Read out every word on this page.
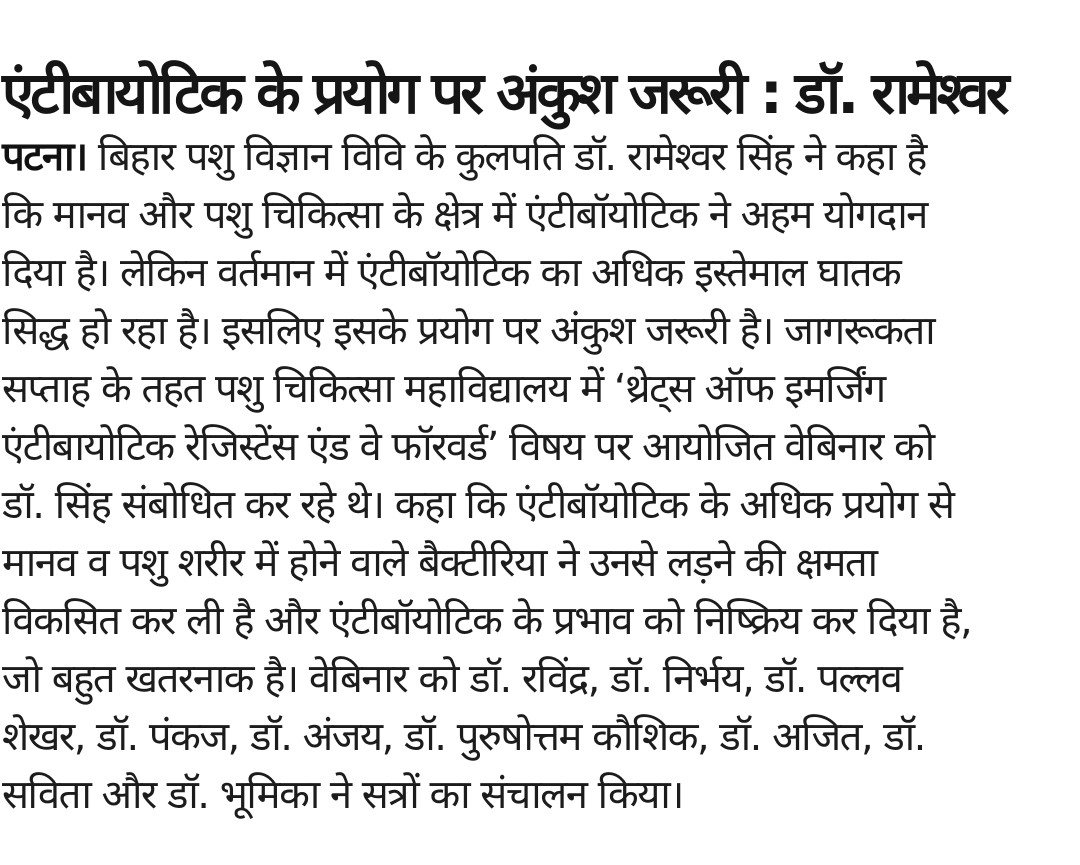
एंटीबायोटिक के प्रयोग पर अंकुश जरूरी : डॉ. रामेश्वर
पटना। बिहार पशु विज्ञान विवि के कुलपति डॉ. रामेश्वर सिंह ने कहा है
कि मानव और पशु चिकित्सा के क्षेत्र में एंटीबॉयोटिक ने अहम योगदान
दिया है। लेकिन वर्तमान में एंटीबॉयोटिक का अधिक इस्तेमाल घातक
सिद्ध हो रहा है। इसलिए इसके प्रयोग पर अंकुश जरूरी है। जागरूकता
सप्ताह के तहत पशु चिकित्सा महाविद्यालय में ‘थ्रेट्स ऑफ इमर्जिंग
एंटीबायोटिक रेजिस्टेंस एंड वे फॉरवर्ड’ विषय पर आयोजित वेबिनार को
डॉ. सिंह संबोधित कर रहे थे। कहा कि एंटीबॉयोटिक के अधिक प्रयोग से
मानव व पशु शरीर में होने वाले बैक्टीरिया ने उनसे लड़ने की क्षमता
विकसित कर ली है और एंटीबॉयोटिक के प्रभाव को निष्क्रिय कर दिया है,
जो बहुत खतरनाक है। वेबिनार को डॉ. रविंद्र, डॉ. निर्भय, डॉ. पल्लव
शेखर, डॉ. पंकज, डॉ. अंजय, डॉ. पुरुषोत्तम कौशिक, डॉ. अजित, डॉ.
सविता और डॉ. भूमिका ने सत्रों का संचालन किया।
